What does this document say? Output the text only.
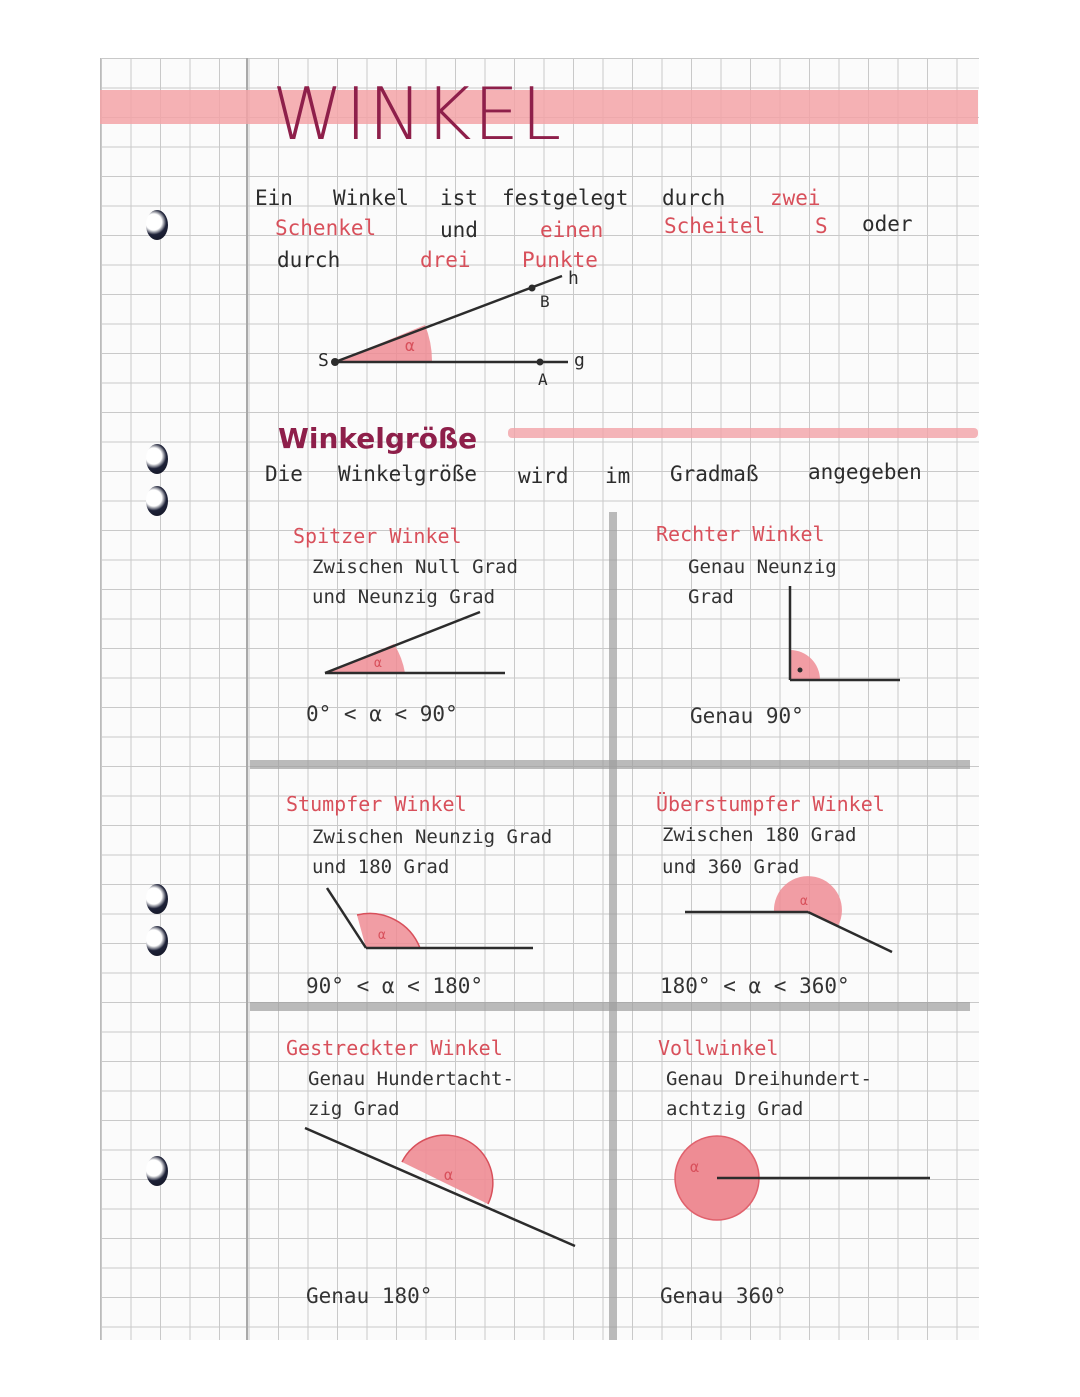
WINKEL
Ein Winkel ist festgelegt durch zwei
Schenkel	und	einen	Scheitel S oder
durch	drei Punkte
S
A
B
g
h
α
Winkelgröße
Die Winkelgröße wird im Gradmaß angegeben
Spitzer Winkel
Zwischen Null Grad
und Neunzig Grad
0° < α < 90°
Rechter Winkel
Genau Neunzig
Grad
Genau 90°
Stumpfer Winkel
Zwischen Neunzig Grad
und 180 Grad
90° < α < 180°
Überstumpfer Winkel
Zwischen 180 Grad
und 360 Grad
180° < α < 360°
Gestreckter Winkel
Genau Hundertacht-
zig Grad
Genau 180°
Vollwinkel
Genau Dreihundert-
achtzig Grad
Genau 360°
α
α
α
α	α
